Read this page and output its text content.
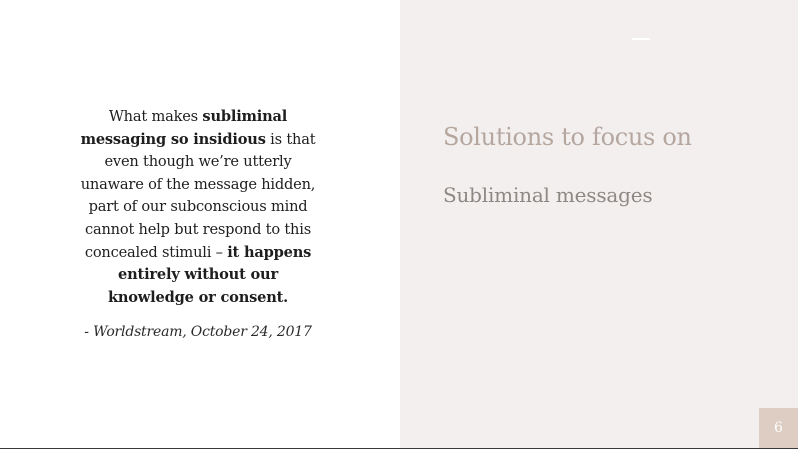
What makes subliminal messaging so insidious is that even though we’re utterly unaware of the message hidden, part of our subconscious mind cannot help but respond to this concealed stimuli – it happens entirely without our knowledge or consent.

- Worldstream, October 24, 2017
Solutions to focus on
Subliminal messages
6
